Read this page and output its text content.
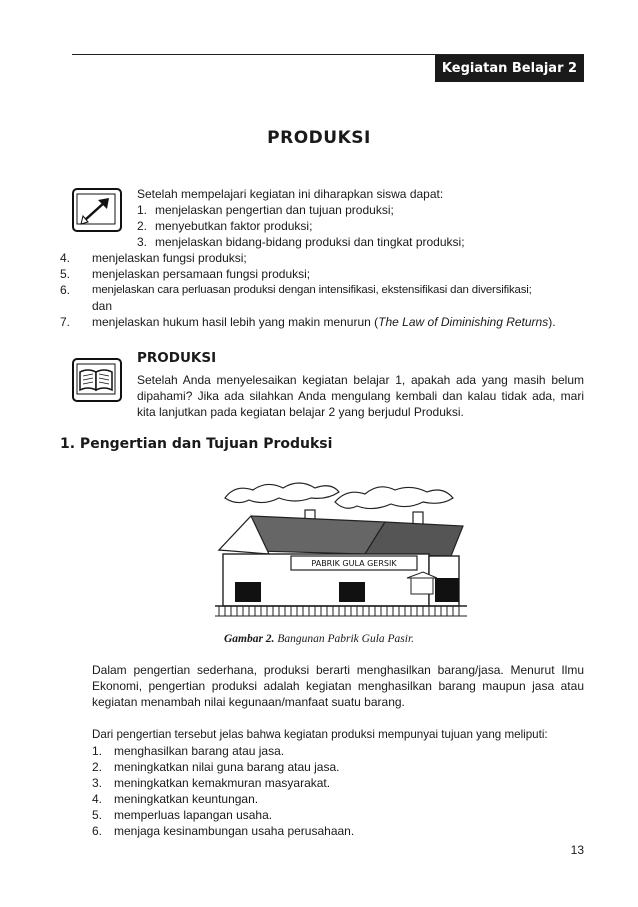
Kegiatan Belajar 2
PRODUKSI
Setelah mempelajari kegiatan ini diharapkan siswa dapat:
1. menjelaskan pengertian dan tujuan produksi;
2. menyebutkan faktor produksi;
3. menjelaskan bidang-bidang produksi dan tingkat produksi;
4. menjelaskan fungsi produksi;
5. menjelaskan persamaan fungsi produksi;
6. menjelaskan cara perluasan produksi dengan intensifikasi, ekstensifikasi dan diversifikasi;
dan
7. menjelaskan hukum hasil lebih yang makin menurun (The Law of Diminishing Returns).
PRODUKSI
Setelah Anda menyelesaikan kegiatan belajar 1, apakah ada yang masih belum dipahami? Jika ada silahkan Anda mengulang kembali dan kalau tidak ada, mari kita lanjutkan pada kegiatan belajar 2 yang berjudul Produksi.
1. Pengertian dan Tujuan Produksi
PABRIK GULA GERSIK
Gambar 2. Bangunan Pabrik Gula Pasir.
Dalam pengertian sederhana, produksi berarti menghasilkan barang/jasa. Menurut Ilmu Ekonomi, pengertian produksi adalah kegiatan menghasilkan barang maupun jasa atau kegiatan menambah nilai kegunaan/manfaat suatu barang.
Dari pengertian tersebut jelas bahwa kegiatan produksi mempunyai tujuan yang meliputi:
1. menghasilkan barang atau jasa.
2. meningkatkan nilai guna barang atau jasa.
3. meningkatkan kemakmuran masyarakat.
4. meningkatkan keuntungan.
5. memperluas lapangan usaha.
6. menjaga kesinambungan usaha perusahaan.
13
